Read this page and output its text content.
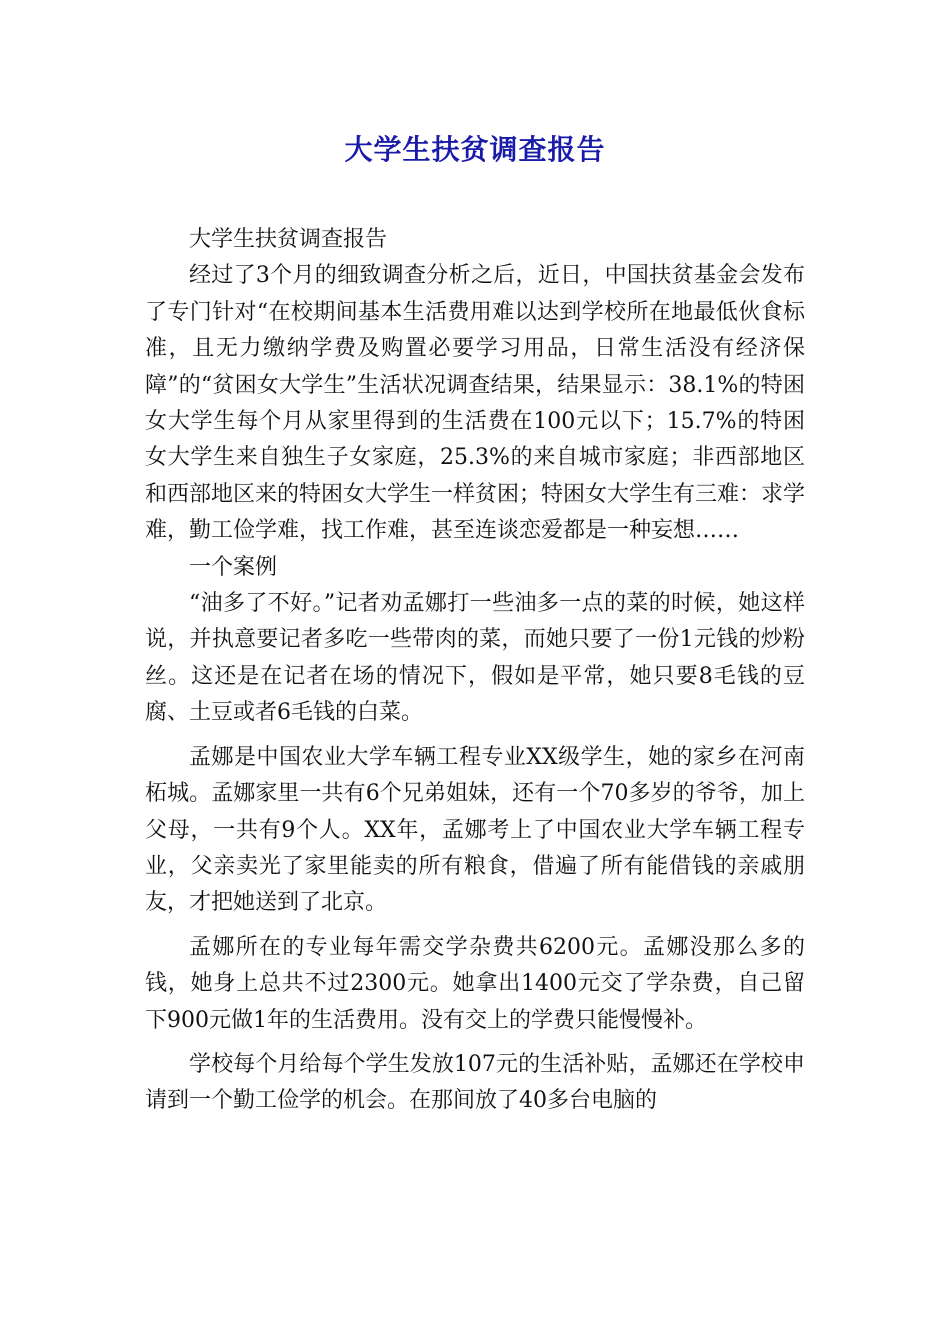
大学生扶贫调查报告

大学生扶贫调查报告

经过了3个月的细致调查分析之后，近日，中国扶贫基金会发布了专门针对“在校期间基本生活费用难以达到学校所在地最低伙食标准，且无力缴纳学费及购置必要学习用品，日常生活没有经济保障”的“贫困女大学生”生活状况调查结果，结果显示：38.1%的特困女大学生每个月从家里得到的生活费在100元以下；15.7%的特困女大学生来自独生子女家庭，25.3%的来自城市家庭；非西部地区和西部地区来的特困女大学生一样贫困；特困女大学生有三难：求学难，勤工俭学难，找工作难，甚至连谈恋爱都是一种妄想……

一个案例

“油多了不好。”记者劝孟娜打一些油多一点的菜的时候，她这样说，并执意要记者多吃一些带肉的菜，而她只要了一份1元钱的炒粉丝。这还是在记者在场的情况下，假如是平常，她只要8毛钱的豆腐、土豆或者6毛钱的白菜。

孟娜是中国农业大学车辆工程专业XX级学生，她的家乡在河南柘城。孟娜家里一共有6个兄弟姐妹，还有一个70多岁的爷爷，加上父母，一共有9个人。XX年，孟娜考上了中国农业大学车辆工程专业，父亲卖光了家里能卖的所有粮食，借遍了所有能借钱的亲戚朋友，才把她送到了北京。

孟娜所在的专业每年需交学杂费共6200元。孟娜没那么多的钱，她身上总共不过2300元。她拿出1400元交了学杂费，自己留下900元做1年的生活费用。没有交上的学费只能慢慢补。

学校每个月给每个学生发放107元的生活补贴，孟娜还在学校申请到一个勤工俭学的机会。在那间放了40多台电脑的
